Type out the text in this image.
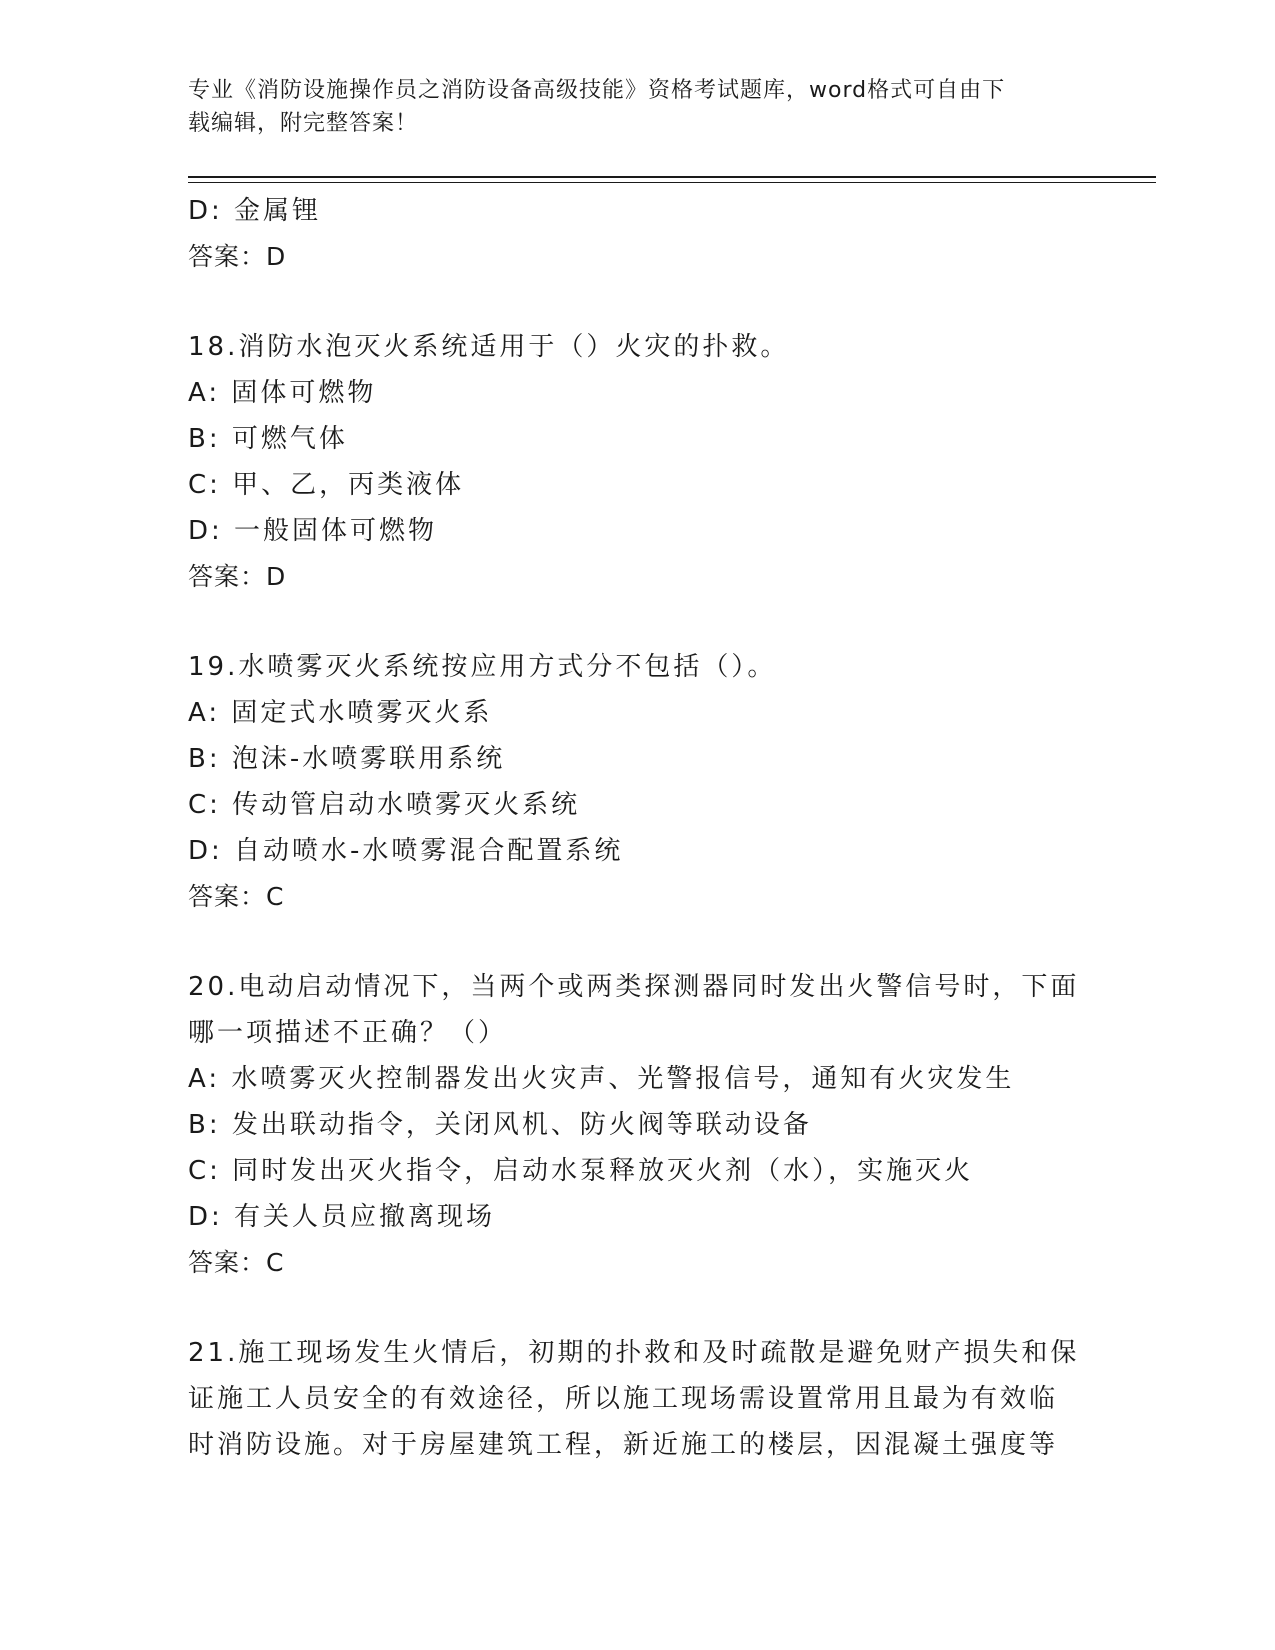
专业《消防设施操作员之消防设备高级技能》资格考试题库，word格式可自由下
载编辑，附完整答案！
D: 金属锂
答案：D
18.消防水泡灭火系统适用于（）火灾的扑救。
A: 固体可燃物
B: 可燃气体
C: 甲、乙，丙类液体
D: 一般固体可燃物
答案：D
19.水喷雾灭火系统按应用方式分不包括（）。
A: 固定式水喷雾灭火系
B: 泡沫-水喷雾联用系统
C: 传动管启动水喷雾灭火系统
D: 自动喷水-水喷雾混合配置系统
答案：C
20.电动启动情况下，当两个或两类探测器同时发出火警信号时，下面
哪一项描述不正确？（）
A: 水喷雾灭火控制器发出火灾声、光警报信号，通知有火灾发生
B: 发出联动指令，关闭风机、防火阀等联动设备
C: 同时发出灭火指令，启动水泵释放灭火剂（水），实施灭火
D: 有关人员应撤离现场
答案：C
21.施工现场发生火情后，初期的扑救和及时疏散是避免财产损失和保
证施工人员安全的有效途径，所以施工现场需设置常用且最为有效临
时消防设施。对于房屋建筑工程，新近施工的楼层，因混凝土强度等
